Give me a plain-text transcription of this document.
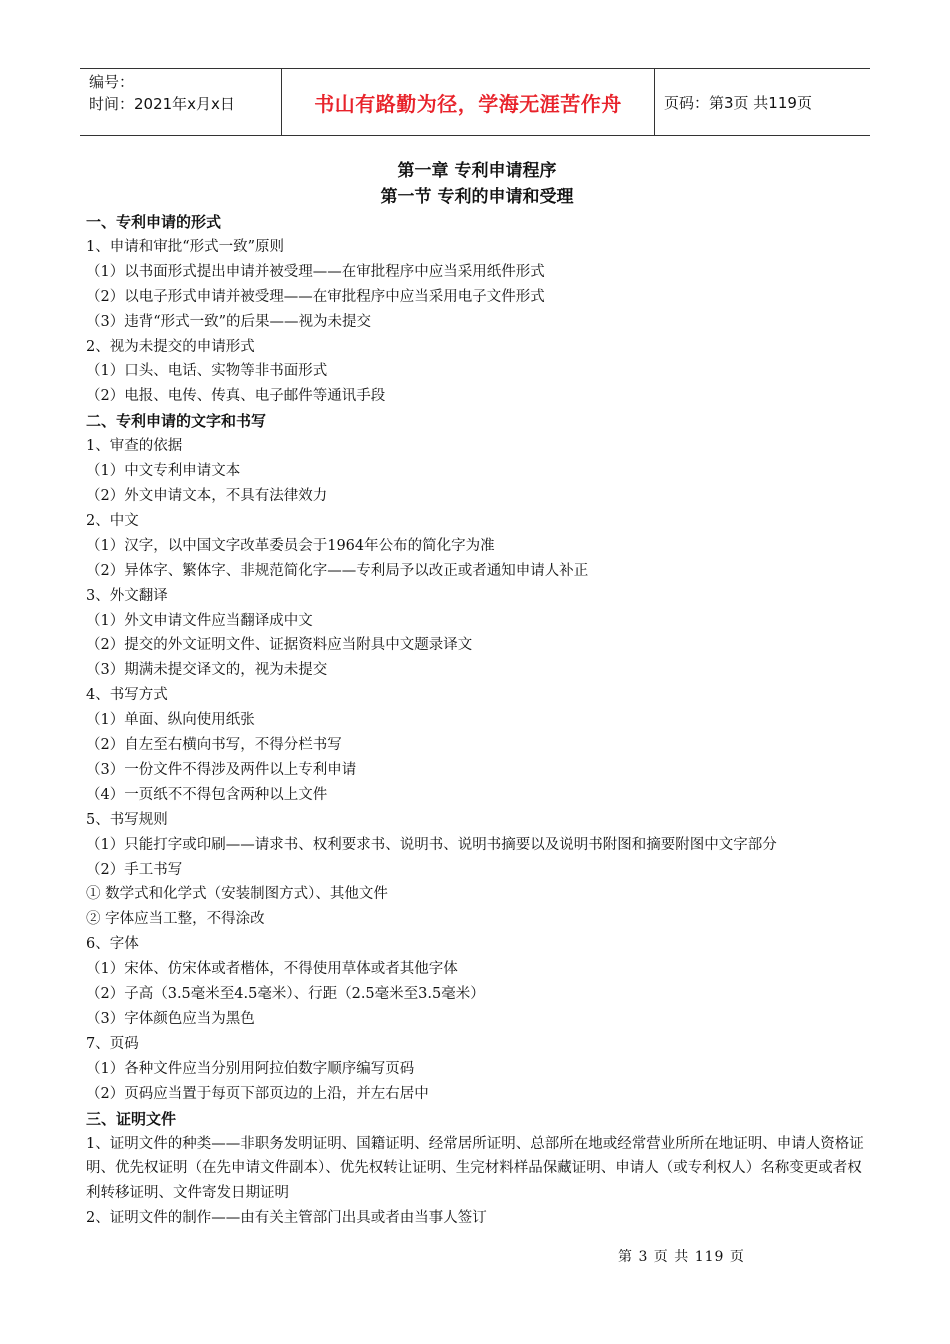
编号：
时间：2021年x月x日	书山有路勤为径，学海无涯苦作舟	页码：第3页 共119页
第一章 专利申请程序
第一节 专利的申请和受理
一、专利申请的形式
1、申请和审批“形式一致”原则
（1）以书面形式提出申请并被受理——在审批程序中应当采用纸件形式
（2）以电子形式申请并被受理——在审批程序中应当采用电子文件形式
（3）违背“形式一致”的后果——视为未提交
2、视为未提交的申请形式
（1）口头、电话、实物等非书面形式
（2）电报、电传、传真、电子邮件等通讯手段
二、专利申请的文字和书写
1、审查的依据
（1）中文专利申请文本
（2）外文申请文本，不具有法律效力
2、中文
（1）汉字，以中国文字改革委员会于1964年公布的简化字为准
（2）异体字、繁体字、非规范简化字——专利局予以改正或者通知申请人补正
3、外文翻译
（1）外文申请文件应当翻译成中文
（2）提交的外文证明文件、证据资料应当附具中文题录译文
（3）期满未提交译文的，视为未提交
4、书写方式
（1）单面、纵向使用纸张
（2）自左至右横向书写，不得分栏书写
（3）一份文件不得涉及两件以上专利申请
（4）一页纸不不得包含两种以上文件
5、书写规则
（1）只能打字或印刷——请求书、权利要求书、说明书、说明书摘要以及说明书附图和摘要附图中文字部分
（2）手工书写
① 数学式和化学式（安装制图方式）、其他文件
② 字体应当工整，不得涂改
6、字体
（1）宋体、仿宋体或者楷体，不得使用草体或者其他字体
（2）子高（3.5毫米至4.5毫米）、行距（2.5毫米至3.5毫米）
（3）字体颜色应当为黑色
7、页码
（1）各种文件应当分别用阿拉伯数字顺序编写页码
（2）页码应当置于每页下部页边的上沿，并左右居中
三、证明文件
1、证明文件的种类——非职务发明证明、国籍证明、经常居所证明、总部所在地或经常营业所所在地证明、申请人资格证明、优先权证明（在先申请文件副本）、优先权转让证明、生完材料样品保藏证明、申请人（或专利权人）名称变更或者权利转移证明、文件寄发日期证明
2、证明文件的制作——由有关主管部门出具或者由当事人签订
第 3 页 共 119 页
